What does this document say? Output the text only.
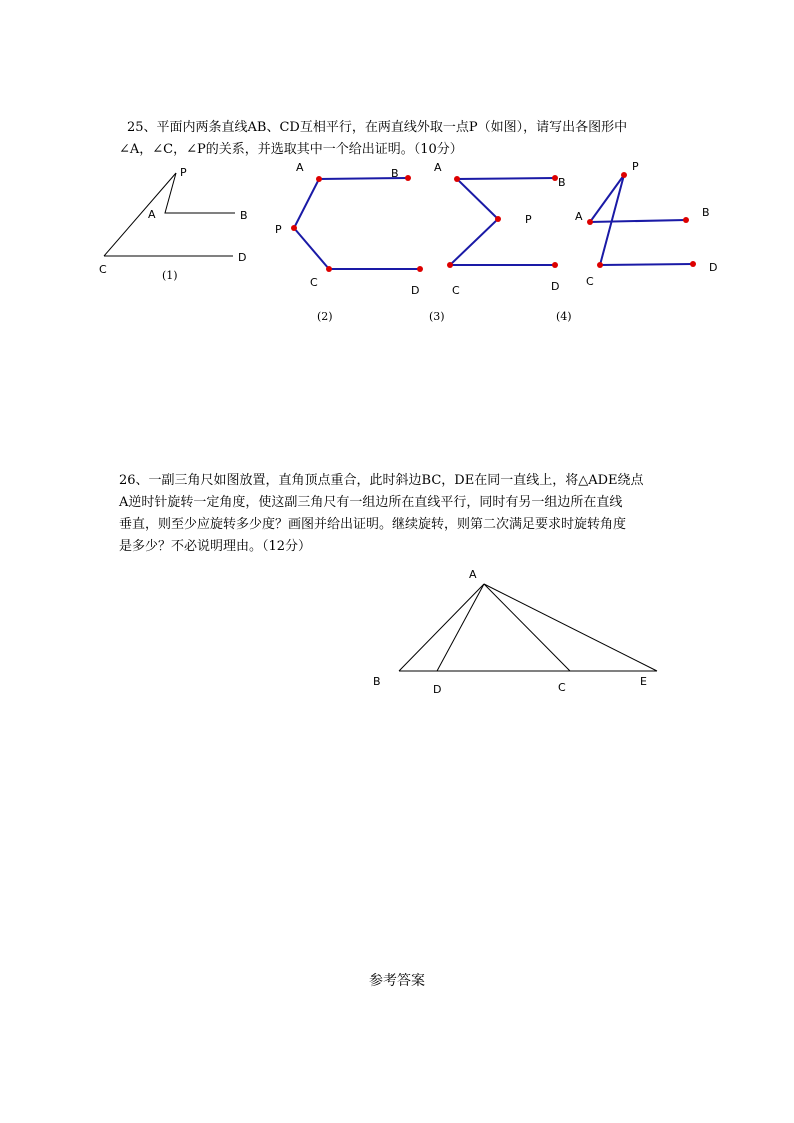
25、平面内两条直线AB、CD互相平行，在两直线外取一点P（如图），请写出各图形中
∠A，∠C，∠P的关系，并选取其中一个给出证明。（10分）
P
A	B
C
D
(1)
A	B
P
C
D
(2)
A
B
P
C	D
(3)
P
A	B
C
D
(4)
A
B
D	C	E
26、一副三角尺如图放置，直角顶点重合，此时斜边BC，DE在同一直线上，将△ADE绕点
A逆时针旋转一定角度，使这副三角尺有一组边所在直线平行，同时有另一组边所在直线
垂直，则至少应旋转多少度？画图并给出证明。继续旋转，则第二次满足要求时旋转角度
是多少？不必说明理由。（12分）
参考答案
